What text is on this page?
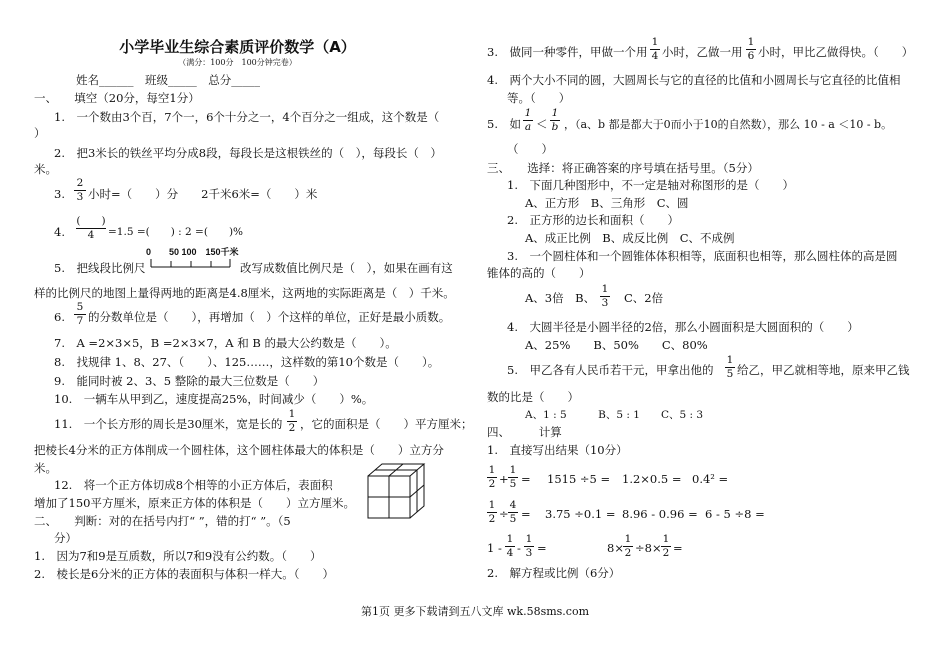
小学毕业生综合素质评价数学（A）
（满分：100分　100分钟完卷）
姓名______　班级_____　总分_____
一、　　填空（20分，每空1分）
1.　一个数由3个百，7个一，6个十分之一，4个百分之一组成，这个数是（
）
2.　把3米长的铁丝平均分成8段，每段长是这根铁丝的（　），每段长（　）
米。
3.
2
3 小时=（　　）分　　2千米6米=（　　）米
4.
(　　)
4	=1.5 =(　　) : 2 =(　　)%
0　　50 100　150千米
5.　把线段比例尺	改写成数值比例尺是（　），如果在画有这
样的比例尺的地图上量得两地的距离是4.8厘米，这两地的实际距离是（　）千米。
6.
5
7 的分数单位是（　　），再增加（　）个这样的单位，正好是最小质数。
7.　A =2×3×5，B =2×3×7，A 和 B 的最大公约数是（　　）。
8.　找规律 1、8、27、（　　）、125……，这样数的第10个数是（　　）。
9.　能同时被 2、3、5 整除的最大三位数是（　　）
10.　一辆车从甲到乙，速度提高25%，时间减少（　　）%。
11.　一个长方形的周长是30厘米，宽是长的
1
2 ，它的面积是（　　）平方厘米；
把棱长4分米的正方体削成一个圆柱体，这个圆柱体最大的体积是（　　）立方分
米。
12.　将一个正方体切成8个相等的小正方体后，表面积
增加了150平方厘米，原来正方体的体积是（　　）立方厘米。
二、　　判断：对的在括号内打“ ”，错的打“ ”。（5
分）
1.　因为7和9是互质数，所以7和9没有公约数。（　　）
2.　棱长是6分米的正方体的表面积与体积一样大。（　　）
3.　做同一种零件，甲做一个用
1
4 小时，乙做一用
1
6 小时，甲比乙做得快。（　　）
4.　两个大小不同的圆，大圆周长与它的直径的比值和小圆周长与它直径的比值相
等。（　　）
5.　如
1
a ＜
1
b ，（a、b 都是都大于0而小于10的自然数），那么 10 - a ＜10 - b。
（　　）
三、　　选择：将正确答案的序号填在括号里。（5分）
1.　下面几种图形中，不一定是轴对称图形的是（　　）
A、正方形　B、三角形　C、圆
2.　正方形的边长和面积（　　）
A、成正比例　B、成反比例　C、不成例
3.　一个圆柱体和一个圆锥体体积相等，底面积也相等，那么圆柱体的高是圆
锥体的高的（　　）
A、3倍　B、
1
3 C、2倍
4.　大圆半径是小圆半径的2倍，那么小圆面积是大圆面积的（　　）
A、25%　　B、50%　　C、80%
5.　甲乙各有人民币若干元，甲拿出他的
1
5 给乙，甲乙就相等地，原来甲乙钱
数的比是（　　）
A、1 : 5　　　B、5 : 1　　C、5 : 3
四、　　　计算
1.　直接写出结果（10分）
1
2 +
1
5 = 1515 ÷5 = 1.2×0.5 = 0.4² =
1
2 ÷
4
5 = 3.75 ÷0.1 = 8.96 - 0.96 = 6 - 5 ÷8 =
1 -
1
4 -
1
3 =	8×
1
2 ÷8×
1
2 =
2.　解方程或比例（6分）
第1页 更多下载请到五八文库 wk.58sms.com
